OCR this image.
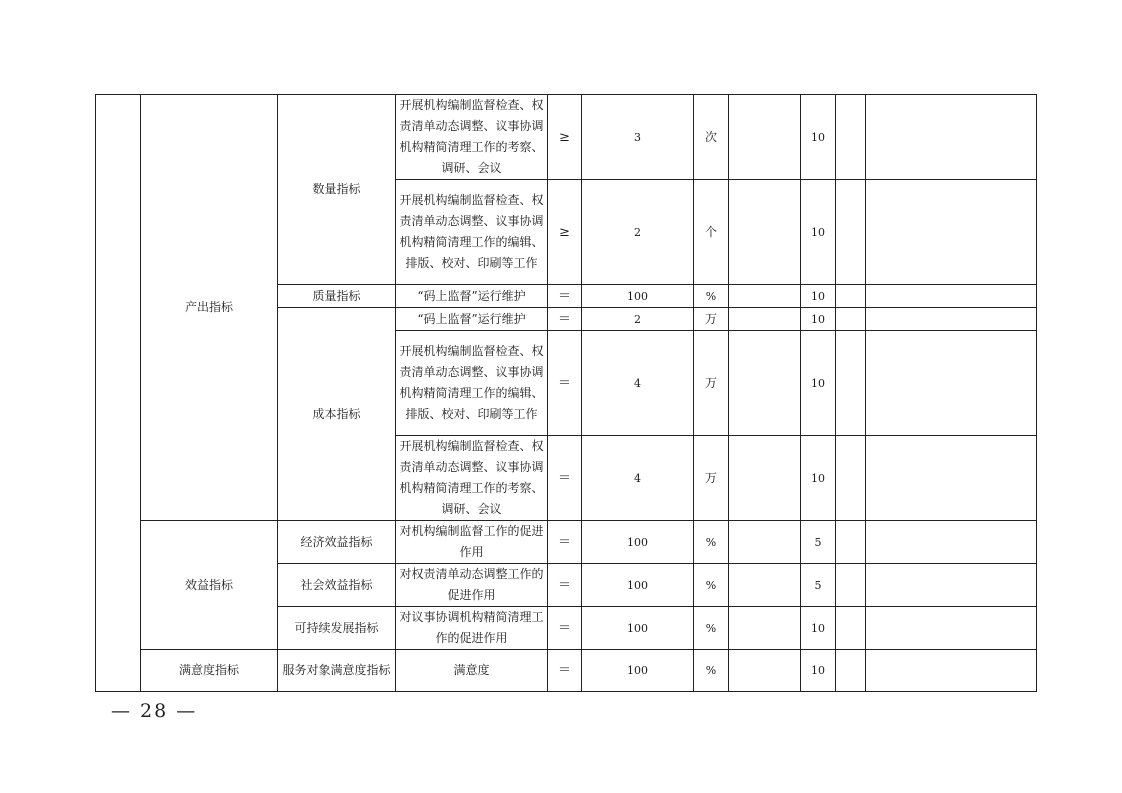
	产出指标	数量指标	开展机构编制监督检查、权责清单动态调整、议事协调机构精简清理工作的考察、调研、会议	≥	3	次		10		
			开展机构编制监督检查、权责清单动态调整、议事协调机构精简清理工作的编辑、排版、校对、印刷等工作	≥	2	个		10		
		质量指标	“码上监督”运行维护	＝	100	%		10		
		成本指标	“码上监督”运行维护	＝	2	万		10		
			开展机构编制监督检查、权责清单动态调整、议事协调机构精简清理工作的编辑、排版、校对、印刷等工作	＝	4	万		10		
			开展机构编制监督检查、权责清单动态调整、议事协调机构精简清理工作的考察、调研、会议	＝	4	万		10		
	效益指标	经济效益指标	对机构编制监督工作的促进作用	＝	100	%		5		
		社会效益指标	对权责清单动态调整工作的促进作用	＝	100	%		5		
		可持续发展指标	对议事协调机构精简清理工作的促进作用	＝	100	%		10		
	满意度指标	服务对象满意度指标	满意度	＝	100	%		10		
— 28 —
